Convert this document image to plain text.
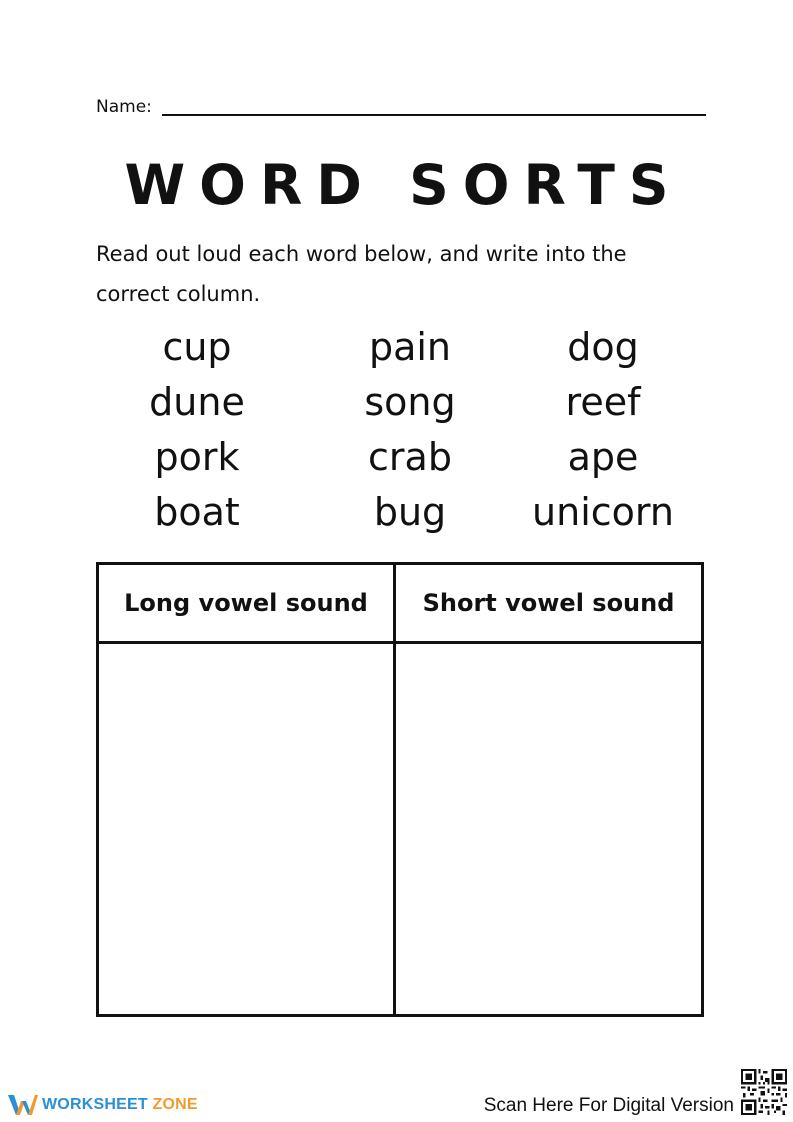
Name:
WORD SORTS
Read out loud each word below, and write into the correct column.
cup	pain	dog
dune	song	reef
pork	crab	ape
boat	bug	unicorn
Long vowel sound	Short vowel sound
WORKSHEET ZONE	Scan Here For Digital Version
